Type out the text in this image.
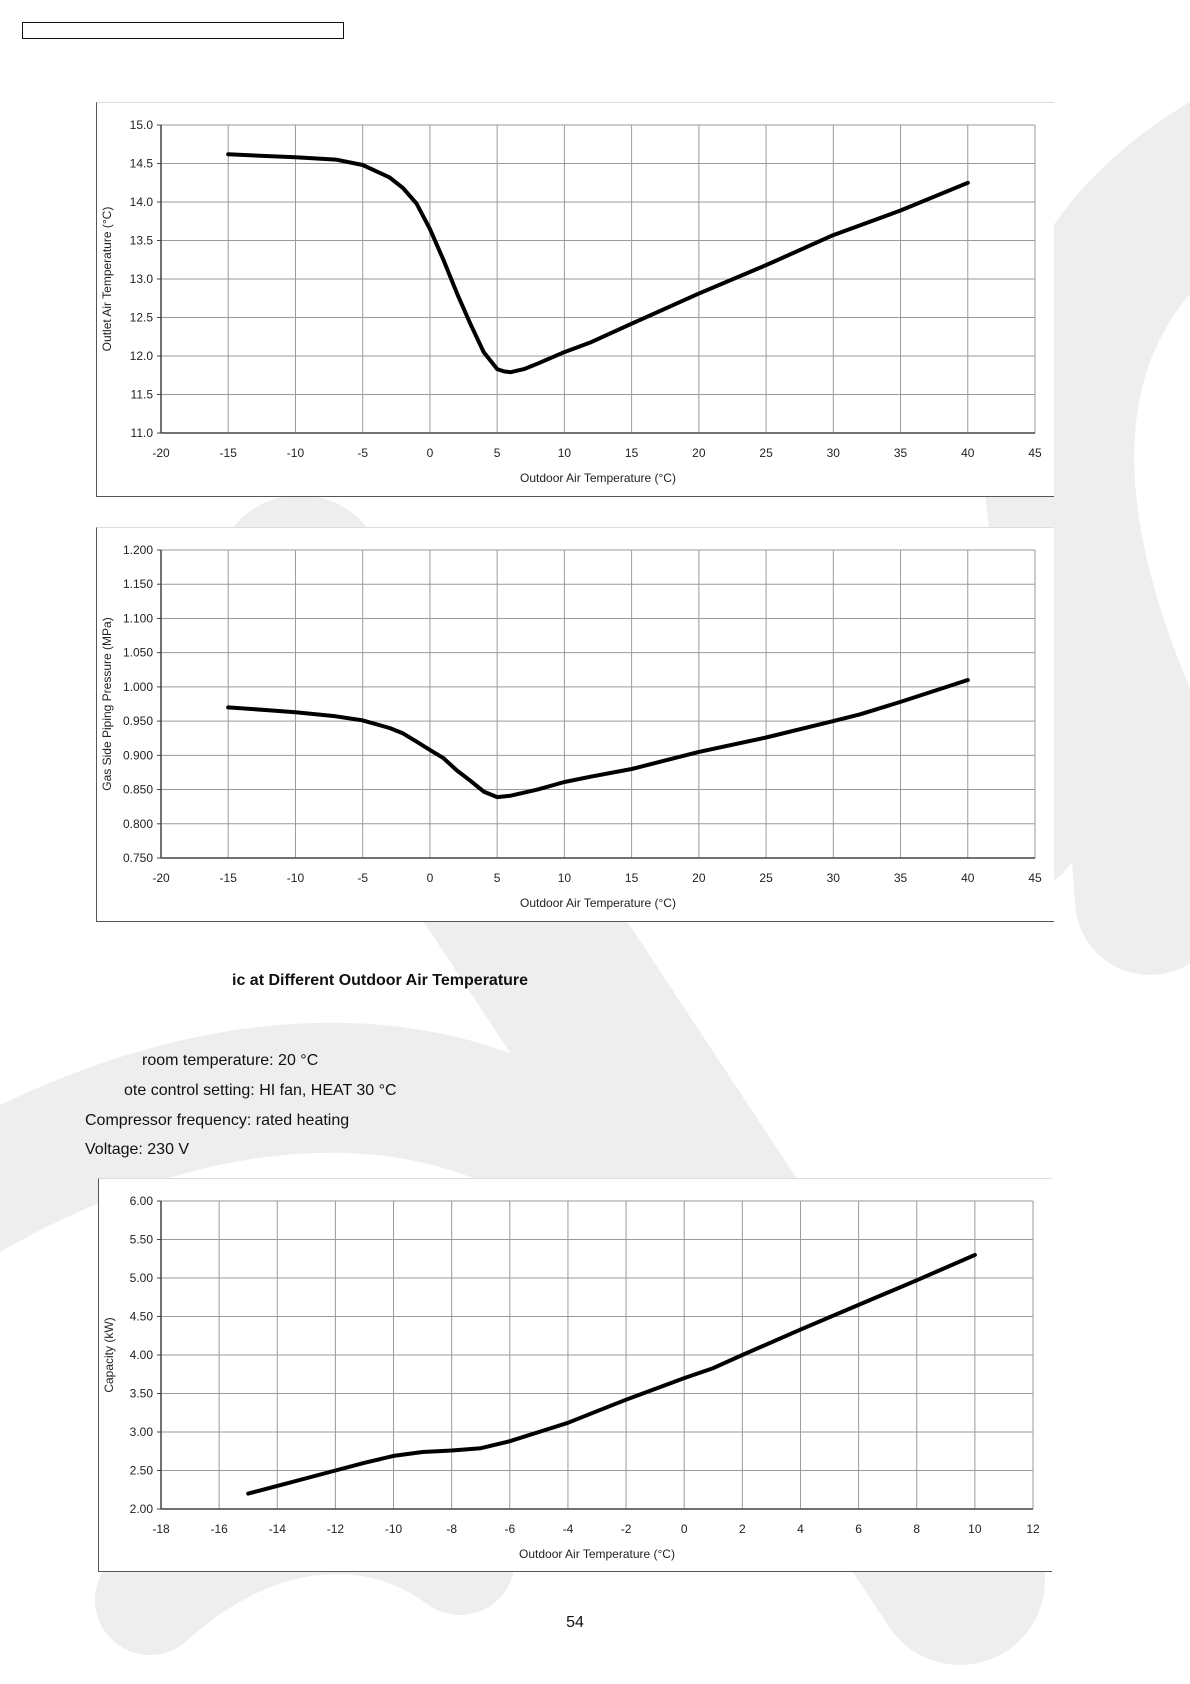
-20	-15	-10	-5	0	5	10	15	20	25	30	35	40	45
11.0
11.5
12.0
12.5
13.0
13.5
14.0
14.5
15.0
Outdoor Air Temperature (°C)
Outlet Air Temperature (°C)
-20	-15	-10	-5	0	5	10	15	20	25	30	35	40	45
0.750
0.800
0.850
0.900
0.950
1.000
1.050
1.100
1.150
1.200
Outdoor Air Temperature (°C)
Gas Side Piping Pressure (MPa)
ic at Different Outdoor Air Temperature
room temperature: 20 °C
ote control setting: HI fan, HEAT 30 °C
Compressor frequency: rated heating
Voltage: 230 V
-18	-16	-14	-12	-10	-8	-6	-4	-2	0	2	4	6	8	10	12
2.00
2.50
3.00
3.50
4.00
4.50
5.00
5.50
6.00
Outdoor Air Temperature (°C)
Capacity (kW)
54
